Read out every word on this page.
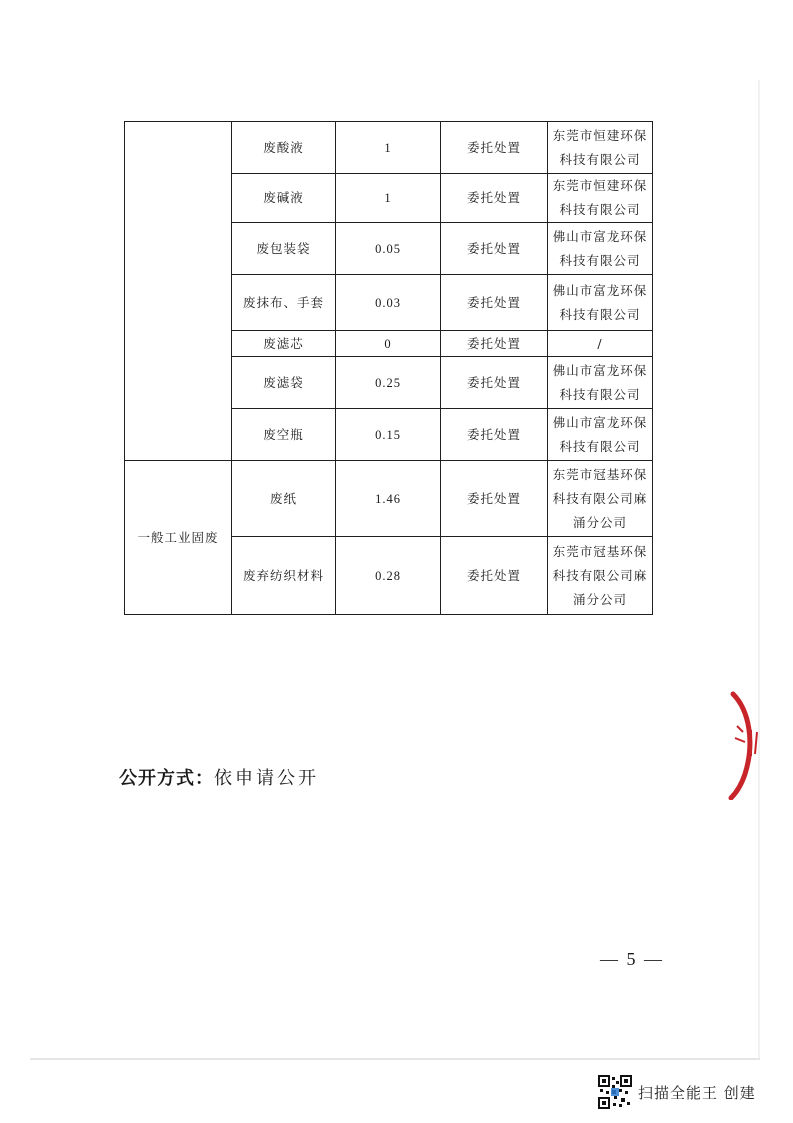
	废酸液	1	委托处置	东莞市恒建环保
科技有限公司

	废碱液	1	委托处置	东莞市恒建环保
科技有限公司

	废包装袋	0.05	委托处置	佛山市富龙环保
科技有限公司

	废抹布、手套	0.03	委托处置	佛山市富龙环保
科技有限公司

	废滤芯	0	委托处置	/

	废滤袋	0.25	委托处置	佛山市富龙环保
科技有限公司

	废空瓶	0.15	委托处置	佛山市富龙环保
科技有限公司

一般工业固废	废纸	1.46	委托处置	东莞市冠基环保
科技有限公司麻
涌分公司

	废弃纺织材料	0.28	委托处置	东莞市冠基环保
科技有限公司麻
涌分公司
公开方式：依申请公开
— 5 —
扫描全能王 创建
